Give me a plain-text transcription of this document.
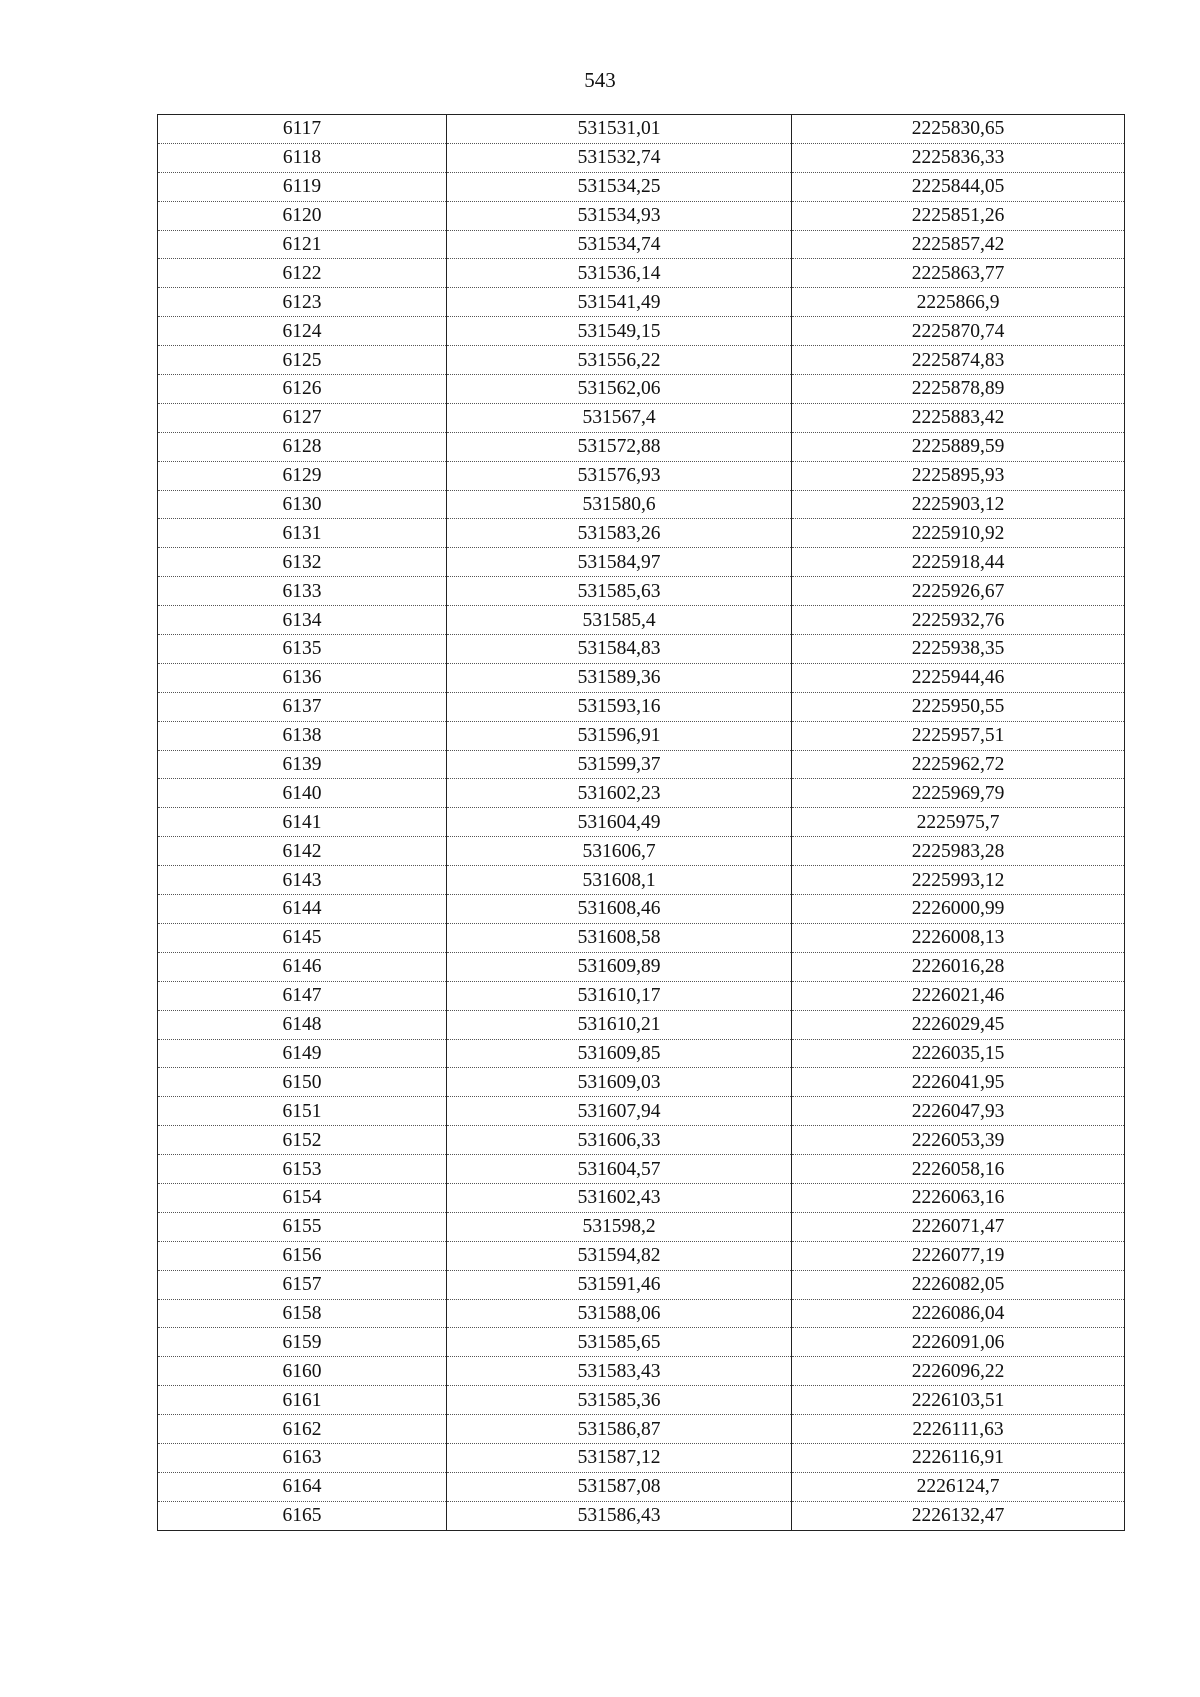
543
6117	531531,01	2225830,65
6118	531532,74	2225836,33
6119	531534,25	2225844,05
6120	531534,93	2225851,26
6121	531534,74	2225857,42
6122	531536,14	2225863,77
6123	531541,49	2225866,9
6124	531549,15	2225870,74
6125	531556,22	2225874,83
6126	531562,06	2225878,89
6127	531567,4	2225883,42
6128	531572,88	2225889,59
6129	531576,93	2225895,93
6130	531580,6	2225903,12
6131	531583,26	2225910,92
6132	531584,97	2225918,44
6133	531585,63	2225926,67
6134	531585,4	2225932,76
6135	531584,83	2225938,35
6136	531589,36	2225944,46
6137	531593,16	2225950,55
6138	531596,91	2225957,51
6139	531599,37	2225962,72
6140	531602,23	2225969,79
6141	531604,49	2225975,7
6142	531606,7	2225983,28
6143	531608,1	2225993,12
6144	531608,46	2226000,99
6145	531608,58	2226008,13
6146	531609,89	2226016,28
6147	531610,17	2226021,46
6148	531610,21	2226029,45
6149	531609,85	2226035,15
6150	531609,03	2226041,95
6151	531607,94	2226047,93
6152	531606,33	2226053,39
6153	531604,57	2226058,16
6154	531602,43	2226063,16
6155	531598,2	2226071,47
6156	531594,82	2226077,19
6157	531591,46	2226082,05
6158	531588,06	2226086,04
6159	531585,65	2226091,06
6160	531583,43	2226096,22
6161	531585,36	2226103,51
6162	531586,87	2226111,63
6163	531587,12	2226116,91
6164	531587,08	2226124,7
6165	531586,43	2226132,47
